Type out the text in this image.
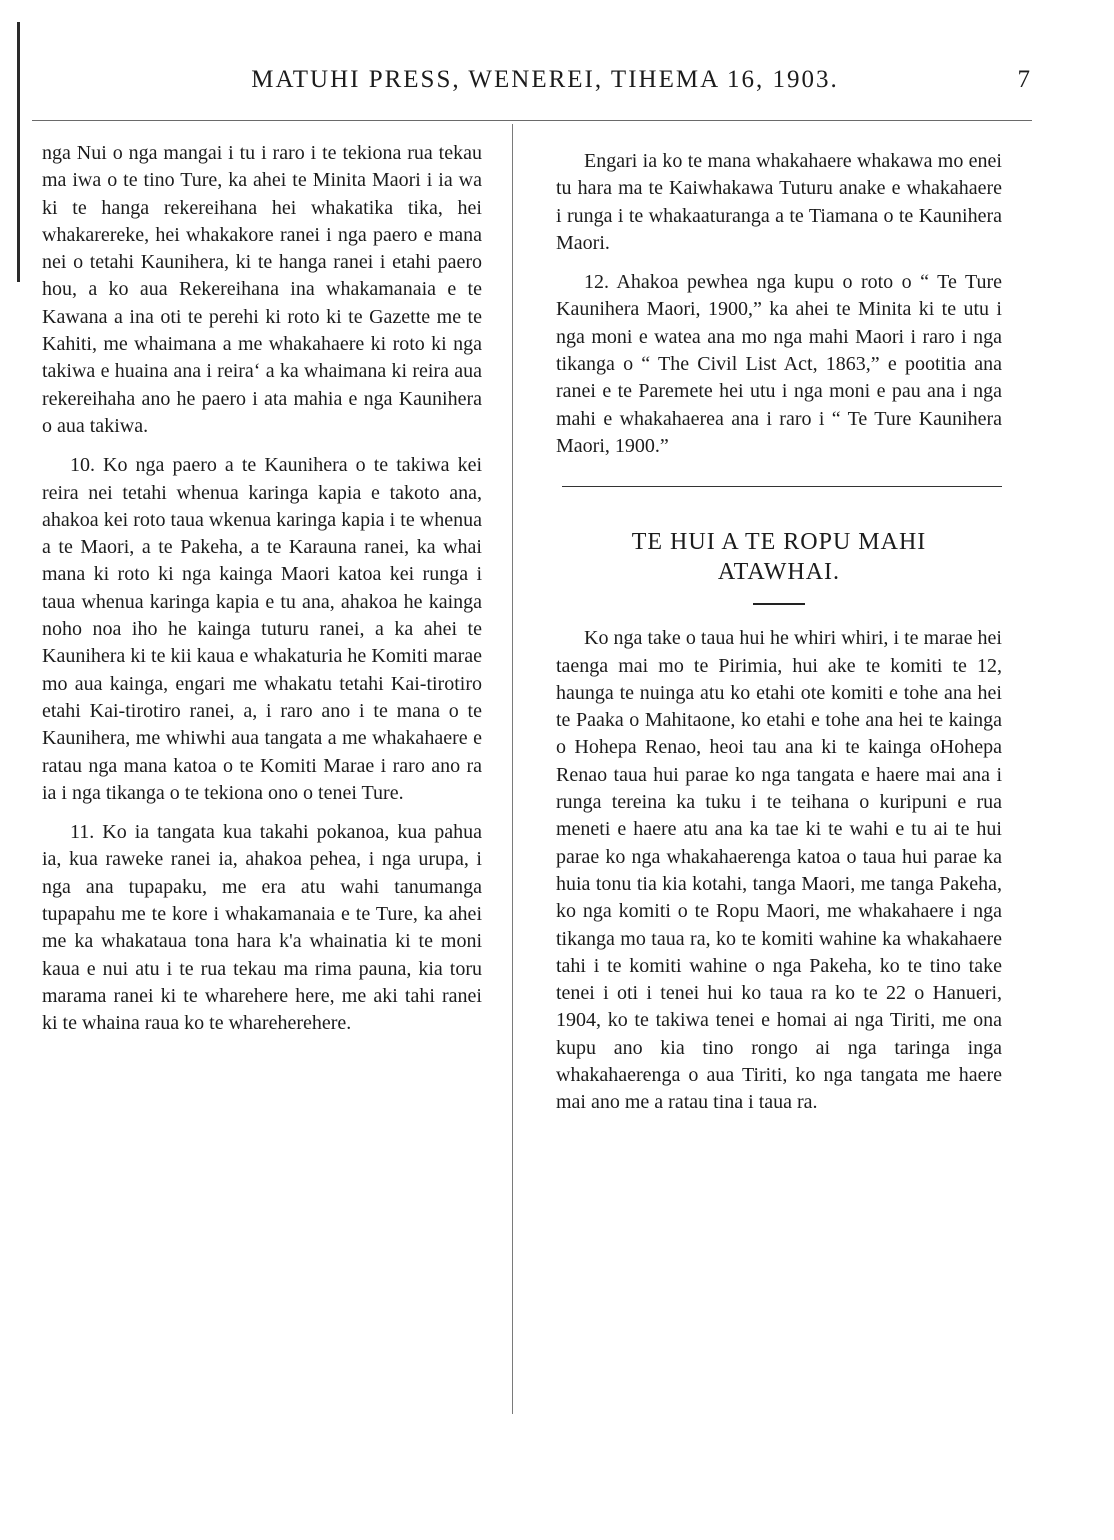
MATUHI PRESS, WENEREI, TIHEMA 16, 1903.	7

nga Nui o nga mangai i tu i raro i te tekiona rua tekau ma iwa o te tino Ture, ka ahei te Minita Maori i ia wa ki te hanga rekereihana hei whakatika tika, hei whakarereke, hei whakakore ranei i nga paero e mana nei o tetahi Kaunihera, ki te hanga ranei i etahi paero hou, a ko aua Rekereihana ina whakamanaia e te Kawana a ina oti te perehi ki roto ki te Gazette me te Kahiti, me whaimana a me whakahaere ki roto ki nga takiwa e huaina ana i reira‘ a ka whaimana ki reira aua rekereihaha ano he paero i ata mahia e nga Kaunihera o aua takiwa.

10. Ko nga paero a te Kaunihera o te takiwa kei reira nei tetahi whenua karinga kapia e takoto ana, ahakoa kei roto taua wkenua karinga kapia i te whenua a te Maori, a te Pakeha, a te Karauna ranei, ka whai mana ki roto ki nga kainga Maori katoa kei runga i taua whenua karinga kapia e tu ana, ahakoa he kainga noho noa iho he kainga tuturu ranei, a ka ahei te Kaunihera ki te kii kaua e whakaturia he Komiti marae mo aua kainga, engari me whakatu tetahi Kai-tirotiro etahi Kai-tirotiro ranei, a, i raro ano i te mana o te Kaunihera, me whiwhi aua tangata a me whakahaere e ratau nga mana katoa o te Komiti Marae i raro ano ra ia i nga tikanga o te tekiona ono o tenei Ture.

11. Ko ia tangata kua takahi pokanoa, kua pahua ia, kua raweke ranei ia, ahakoa pehea, i nga urupa, i nga ana tupapaku, me era atu wahi tanumanga tupapahu me te kore i whakamanaia e te Ture, ka ahei me ka whakataua tona hara k'a whainatia ki te moni kaua e nui atu i te rua tekau ma rima pauna, kia toru marama ranei ki te wharehere here, me aki tahi ranei ki te whaina raua ko te wharehereherе.

Engari ia ko te mana whakahaere whakawa mo enei tu hara ma te Kaiwhakawa Tuturu anake e whakahaere i runga i te whakaaturanga a te Tiamana o te Kaunihera Maori.

12. Ahakoa pewhea nga kupu o roto o “ Te Ture Kaunihera Maori, 1900,” ka ahei te Minita ki te utu i nga moni e watea ana mo nga mahi Maori i raro i nga tikanga o “ The Civil List Act, 1863,” e pootitia ana ranei e te Paremete hei utu i nga moni e pau ana i nga mahi e whakahaerea ana i raro i “ Te Ture Kaunihera Maori, 1900.”

TE HUI A TE ROPU MAHI ATAWHAI.

Ko nga take o taua hui he whiri whiri, i te marae hei taenga mai mo te Pirimia, hui ake te komiti te 12, haunga te nuinga atu ko etahi ote komiti e tohe ana hei te Paaka o Mahitaone, ko etahi e tohe ana hei te kainga o Hohepa Renao, heoi tau ana ki te kainga oHohepa Renao taua hui parae ko nga tangata e haere mai ana i runga tereina ka tuku i te teihana o kuripuni e rua meneti e haere atu ana ka tae ki te wahi e tu ai te hui parae ko nga whakahaerenga katoa o taua hui parae ka huia tonu tia kia kotahi, tanga Maori, me tanga Pakeha, ko nga komiti o te Ropu Maori, me whakahaere i nga tikanga mo taua ra, ko te komiti wahine ka whakahaere tahi i te komiti wahine o nga Pakeha, ko te tino take tenei i oti i tenei hui ko taua ra ko te 22 o Hanueri, 1904, ko te takiwa tenei e homai ai nga Tiriti, me ona kupu ano kia tino rongo ai nga taringa inga whakahaerenga o aua Tiriti, ko nga tangata me haere mai ano me a ratau tina i taua ra.
